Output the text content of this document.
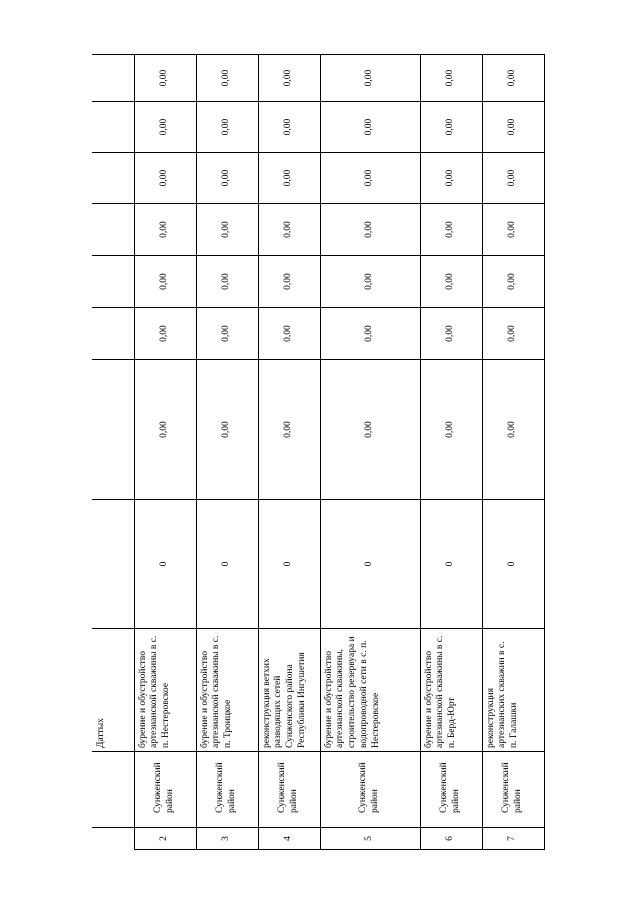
		Даттых								
2	Сунженский район	бурение и обустройство артезианской скважины в с. п. Нестеровское	0	0,00	0,00	0,00	0,00	0,00	0,00	0,00
3	Сунженский район	бурение и обустройство артезианской скважины в с. п. Троицкое	0	0,00	0,00	0,00	0,00	0,00	0,00	0,00
4	Сунженский район	реконструкция ветхих разводящих сетей Сунженского района Республики Ингушетия	0	0,00	0,00	0,00	0,00	0,00	0,00	0,00
5	Сунженский район	бурение и обустройство артезианской скважины, строительство резервуара и водопроводной сети в с. п. Нестеровское	0	0,00	0,00	0,00	0,00	0,00	0,00	0,00
6	Сунженский район	бурение и обустройство артезианской скважины в с. п. Берд-Юрт	0	0,00	0,00	0,00	0,00	0,00	0,00	0,00
7	Сунженский район	реконструкция артезианских скважин в с. п. Галашки	0	0,00	0,00	0,00	0,00	0,00	0,00	0,00
